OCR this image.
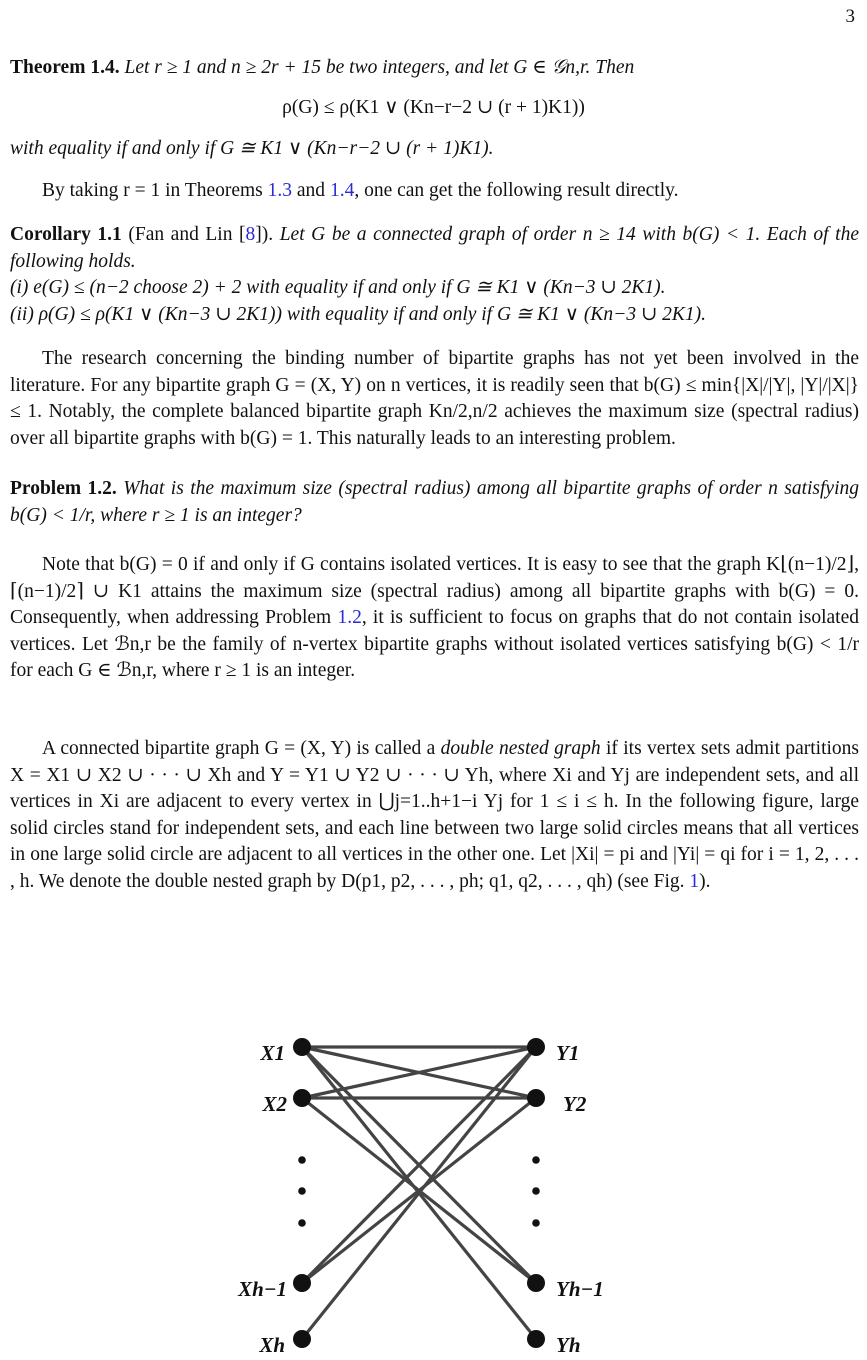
3
Theorem 1.4. Let r ≥ 1 and n ≥ 2r + 15 be two integers, and let G ∈ 𝒢n,r. Then
ρ(G) ≤ ρ(K1 ∨ (Kn−r−2 ∪ (r + 1)K1))
with equality if and only if G ≅ K1 ∨ (Kn−r−2 ∪ (r + 1)K1).
By taking r = 1 in Theorems 1.3 and 1.4, one can get the following result directly.
Corollary 1.1 (Fan and Lin [8]). Let G be a connected graph of order n ≥ 14 with b(G) < 1. Each of the following holds.
(i) e(G) ≤ (n−2 choose 2) + 2 with equality if and only if G ≅ K1 ∨ (Kn−3 ∪ 2K1).
(ii) ρ(G) ≤ ρ(K1 ∨ (Kn−3 ∪ 2K1)) with equality if and only if G ≅ K1 ∨ (Kn−3 ∪ 2K1).
The research concerning the binding number of bipartite graphs has not yet been involved in the literature. For any bipartite graph G = (X, Y) on n vertices, it is readily seen that b(G) ≤ min{|X|/|Y|, |Y|/|X|} ≤ 1. Notably, the complete balanced bipartite graph Kn/2,n/2 achieves the maximum size (spectral radius) over all bipartite graphs with b(G) = 1. This naturally leads to an interesting problem.
Problem 1.2. What is the maximum size (spectral radius) among all bipartite graphs of order n satisfying b(G) < 1/r, where r ≥ 1 is an integer?
Note that b(G) = 0 if and only if G contains isolated vertices. It is easy to see that the graph K⌊(n−1)/2⌋,⌈(n−1)/2⌉ ∪ K1 attains the maximum size (spectral radius) among all bipartite graphs with b(G) = 0. Consequently, when addressing Problem 1.2, it is sufficient to focus on graphs that do not contain isolated vertices. Let ℬn,r be the family of n-vertex bipartite graphs without isolated vertices satisfying b(G) < 1/r for each G ∈ ℬn,r, where r ≥ 1 is an integer.
A connected bipartite graph G = (X, Y) is called a double nested graph if its vertex sets admit partitions X = X1 ∪ X2 ∪ · · · ∪ Xh and Y = Y1 ∪ Y2 ∪ · · · ∪ Yh, where Xi and Yj are independent sets, and all vertices in Xi are adjacent to every vertex in ⋃j=1..h+1−i Yj for 1 ≤ i ≤ h. In the following figure, large solid circles stand for independent sets, and each line between two large solid circles means that all vertices in one large solid circle are adjacent to all vertices in the other one. Let |Xi| = pi and |Yi| = qi for i = 1, 2, . . . , h. We denote the double nested graph by D(p1, p2, . . . , ph; q1, q2, . . . , qh) (see Fig. 1).
X1
X2
Xh−1
Xh
Y1
Y2
Yh−1
Yh
